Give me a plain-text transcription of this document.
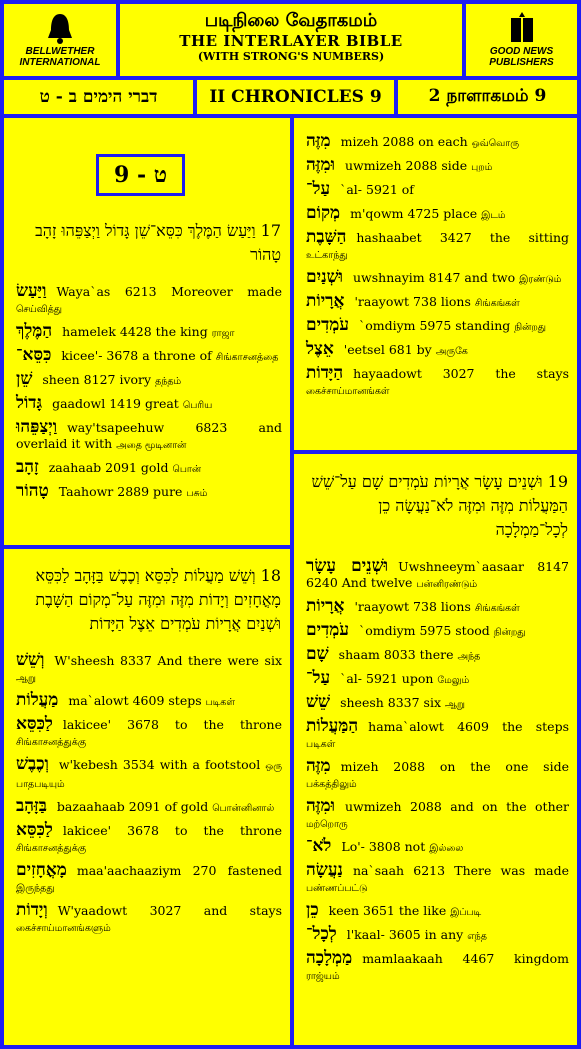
BELLWETHER INTERNATIONAL
படிநிலை வேதாகமம்
THE INTERLAYER BIBLE
(WITH STRONG'S NUMBERS)	GOOD NEWS PUBLISHERS
דברי הימים ב - ט	II CHRONICLES 9	2 நாளாகமம் 9
ט - 9
17 וַיַּעַשׂ הַמֶּלֶךְ כִּסֵּא־שֵׁן גָּדוֹל וַיְצַפֵּהוּ זָהָב טָהוֹר
וַיַּעַשׂ Waya`as 6213 Moreover made செய்வித்து
הַמֶּלֶךְ hamelek 4428 the king ராஜா
כִּסֵּא־ kicee'- 3678 a throne of சிங்காசனத்தை
שֵׁן sheen 8127 ivory தந்தம்
גָּדוֹל gaadowl 1419 great பெரிய
וַיְצַפֵּהוּ way'tsapeehuw 6823 and overlaid it with அதை மூடினான்
זָהָב zaahaab 2091 gold பொன்
טָהוֹר Taahowr 2889 pure பசும்
18 וְשֵׁשׁ מַעֲלוֹת לַכִּסֵּא וְכֶבֶשׁ בַּזָּהָב לַכִּסֵּא מָאֳחָזִים וְיָדוֹת מִזֶּה וּמִזֶּה עַל־מְקוֹם הַשָּׁבֶת וּשְׁנַיִם אֲרָיוֹת עֹמְדִים אֵצֶל הַיָּדוֹת
וְשֵׁשׁ W'sheesh 8337 And there were six ஆறு
מַעֲלוֹת ma`alowt 4609 steps படிகள்
לַכִּסֵּא lakicee' 3678 to the throne சிங்காசனத்துக்கு
וְכֶבֶשׁ w'kebesh 3534 with a footstool ஒரு பாதபடியும்
בַּזָּהָב bazaahaab 2091 of gold பொன்னினால்
לַכִּסֵּא lakicee' 3678 to the throne சிங்காசனத்துக்கு
מָאֳחָזִים maa'aachaaziym 270 fastened இருந்தது
וְיָדוֹת W'yaadowt 3027 and stays கைச்சாய்மானங்களும்
מִזֶּה mizeh 2088 on each ஒவ்வொரு
וּמִזֶּה uwmizeh 2088 side புறம்
עַל־ `al- 5921 of
מְקוֹם m'qowm 4725 place இடம்
הַשָּׁבֶת hashaabet 3427 the sitting உட்காந்து
וּשְׁנַיִם uwshnayim 8147 and two இரண்டும்
אֲרָיוֹת 'raayowt 738 lions சிங்கங்கள்
עֹמְדִים `omdiym 5975 standing நின்றது
אֵצֶל 'eetsel 681 by அருகே
הַיָּדוֹת hayaadowt 3027 the stays கைச்சாய்மானங்கள்
19 וּשְׁנֵים עָשָׂר אֲרָיוֹת עֹמְדִים שָׁם עַל־שֵׁשׁ הַמַּעֲלוֹת מִזֶּה וּמִזֶּה לֹא־נַעֲשָׂה כֵן לְכָל־מַמְלָכָה
וּשְׁנֵים עָשָׂר Uwshneeym`aasaar 8147 6240 And twelve பன்னிரண்டும்
אֲרָיוֹת 'raayowt 738 lions சிங்கங்கள்
עֹמְדִים `omdiym 5975 stood நின்றது
שָׁם shaam 8033 there அந்த
עַל־ `al- 5921 upon மேலும்
שֵׁשׁ sheesh 8337 six ஆறு
הַמַּעֲלוֹת hama`alowt 4609 the steps படிகள்
מִזֶּה mizeh 2088 on the one side பக்கத்திலும்
וּמִזֶּה uwmizeh 2088 and on the other மற்றொரு
לֹא־ Lo'- 3808 not இல்லை
נַעֲשָׂה na`saah 6213 There was made பண்ணப்பட்டு
כֵן keen 3651 the like இப்படி
לְכָל־ l'kaal- 3605 in any எந்த
מַמְלָכָה mamlaakaah 4467 kingdom ராஜ்யம்
